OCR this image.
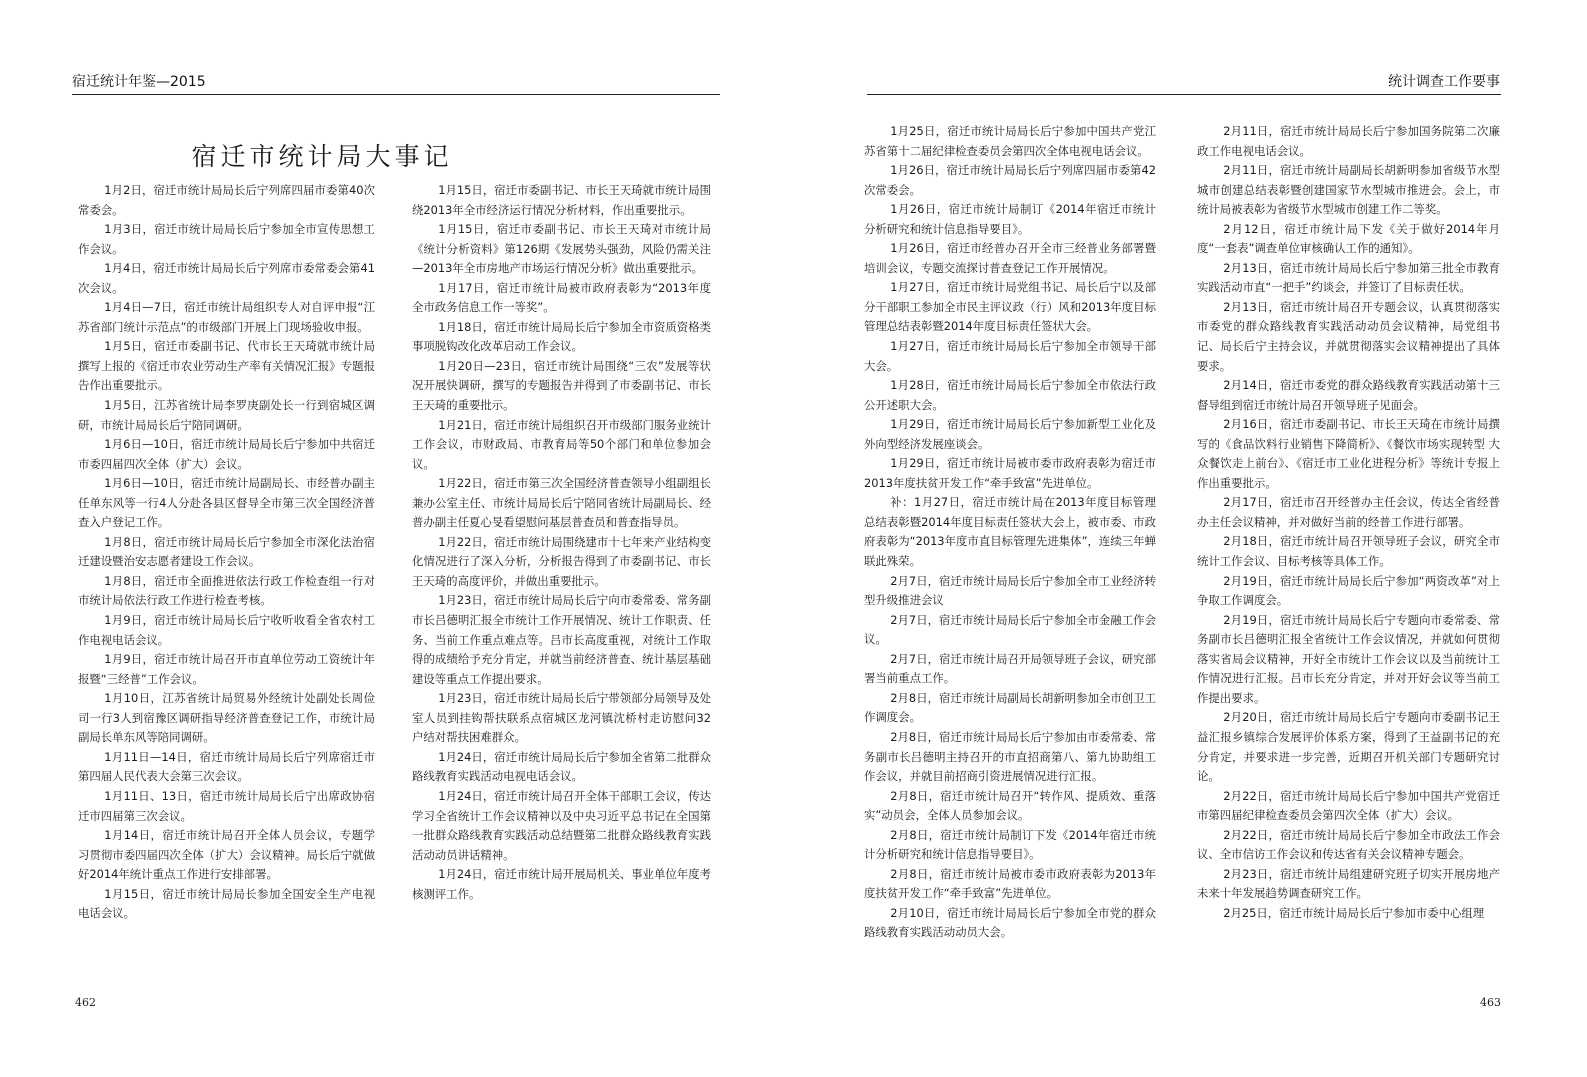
宿迁统计年鉴—2015
宿迁市统计局大事记

1月2日，宿迁市统计局局长后宁列席四届市委第40次常委会。

1月3日，宿迁市统计局局长后宁参加全市宣传思想工作会议。

1月4日，宿迁市统计局局长后宁列席市委常委会第41次会议。

1月4日—7日，宿迁市统计局组织专人对自评申报“江苏省部门统计示范点”的市级部门开展上门现场验收申报。

1月5日，宿迁市委副书记、代市长王天琦就市统计局撰写上报的《宿迁市农业劳动生产率有关情况汇报》专题报告作出重要批示。

1月5日，江苏省统计局李罗庚副处长一行到宿城区调研，市统计局局长后宁陪同调研。

1月6日—10日，宿迁市统计局局长后宁参加中共宿迁市委四届四次全体（扩大）会议。

1月6日—10日，宿迁市统计局副局长、市经普办副主任单东风等一行4人分赴各县区督导全市第三次全国经济普查入户登记工作。

1月8日，宿迁市统计局局长后宁参加全市深化法治宿迁建设暨治安志愿者建设工作会议。

1月8日，宿迁市全面推进依法行政工作检查组一行对市统计局依法行政工作进行检查考核。

1月9日，宿迁市统计局局长后宁收听收看全省农村工作电视电话会议。

1月9日，宿迁市统计局召开市直单位劳动工资统计年报暨“三经普”工作会议。

1月10日，江苏省统计局贸易外经统计处副处长周俭司一行3人到宿豫区调研指导经济普查登记工作，市统计局副局长单东风等陪同调研。

1月11日—14日，宿迁市统计局局长后宁列席宿迁市第四届人民代表大会第三次会议。

1月11日、13日，宿迁市统计局局长后宁出席政协宿迁市四届第三次会议。

1月14日，宿迁市统计局召开全体人员会议，专题学习贯彻市委四届四次全体（扩大）会议精神。局长后宁就做好2014年统计重点工作进行安排部署。

1月15日，宿迁市统计局局长参加全国安全生产电视电话会议。

1月15日，宿迁市委副书记、市长王天琦就市统计局围绕2013年全市经济运行情况分析材料，作出重要批示。

1月15日，宿迁市委副书记、市长王天琦对市统计局《统计分析资料》第126期《发展势头强劲，风险仍需关注—2013年全市房地产市场运行情况分析》做出重要批示。

1月17日，宿迁市统计局被市政府表彰为“2013年度全市政务信息工作一等奖”。

1月18日，宿迁市统计局局长后宁参加全市资质资格类事项脱钩改化改革启动工作会议。

1月20日—23日，宿迁市统计局围绕“三农”发展等状况开展快调研，撰写的专题报告并得到了市委副书记、市长王天琦的重要批示。

1月21日，宿迁市统计局组织召开市级部门服务业统计工作会议，市财政局、市教育局等50个部门和单位参加会议。

1月22日，宿迁市第三次全国经济普查领导小组副组长兼办公室主任、市统计局局长后宁陪同省统计局副局长、经普办副主任夏心旻看望慰问基层普查员和普查指导员。

1月22日，宿迁市统计局围绕建市十七年来产业结构变化情况进行了深入分析，分析报告得到了市委副书记、市长王天琦的高度评价，并做出重要批示。

1月23日，宿迁市统计局局长后宁向市委常委、常务副市长吕德明汇报全市统计工作开展情况、统计工作职责、任务、当前工作重点难点等。吕市长高度重视，对统计工作取得的成绩给予充分肯定，并就当前经济普查、统计基层基础建设等重点工作提出要求。

1月23日，宿迁市统计局局长后宁带领部分局领导及处室人员到挂钩帮扶联系点宿城区龙河镇沈桥村走访慰问32户结对帮扶困难群众。

1月24日，宿迁市统计局局长后宁参加全省第二批群众路线教育实践活动电视电话会议。

1月24日，宿迁市统计局召开全体干部职工会议，传达学习全省统计工作会议精神以及中央习近平总书记在全国第一批群众路线教育实践活动总结暨第二批群众路线教育实践活动动员讲话精神。

1月24日，宿迁市统计局开展局机关、事业单位年度考核测评工作。

462
统计调查工作要事

1月25日，宿迁市统计局局长后宁参加中国共产党江苏省第十二届纪律检查委员会第四次全体电视电话会议。

1月26日，宿迁市统计局局长后宁列席四届市委第42次常委会。

1月26日，宿迁市统计局制订《2014年宿迁市统计分析研究和统计信息指导要目》。

1月26日，宿迁市经普办召开全市三经普业务部署暨培训会议，专题交流探讨普查登记工作开展情况。

1月27日，宿迁市统计局党组书记、局长后宁以及部分干部职工参加全市民主评议政（行）风和2013年度目标管理总结表彰暨2014年度目标责任签状大会。

1月27日，宿迁市统计局局长后宁参加全市领导干部大会。

1月28日，宿迁市统计局局长后宁参加全市依法行政公开述职大会。

1月29日，宿迁市统计局局长后宁参加新型工业化及外向型经济发展座谈会。

1月29日，宿迁市统计局被市委市政府表彰为宿迁市2013年度扶贫开发工作“牵手致富”先进单位。

补：1月27日，宿迁市统计局在2013年度目标管理总结表彰暨2014年度目标责任签状大会上，被市委、市政府表彰为“2013年度市直目标管理先进集体”，连续三年蝉联此殊荣。

2月7日，宿迁市统计局局长后宁参加全市工业经济转型升级推进会议

2月7日，宿迁市统计局局长后宁参加全市金融工作会议。

2月7日，宿迁市统计局召开局领导班子会议，研究部署当前重点工作。

2月8日，宿迁市统计局副局长胡新明参加全市创卫工作调度会。

2月8日，宿迁市统计局局长后宁参加由市委常委、常务副市长吕德明主持召开的市直招商第八、第九协助组工作会议，并就目前招商引资进展情况进行汇报。

2月8日，宿迁市统计局召开“转作风、提质效、重落实”动员会，全体人员参加会议。

2月8日，宿迁市统计局制订下发《2014年宿迁市统计分析研究和统计信息指导要目》。

2月8日，宿迁市统计局被市委市政府表彰为2013年度扶贫开发工作“牵手致富”先进单位。

2月10日，宿迁市统计局局长后宁参加全市党的群众路线教育实践活动动员大会。

2月11日，宿迁市统计局局长后宁参加国务院第二次廉政工作电视电话会议。

2月11日，宿迁市统计局副局长胡新明参加省级节水型城市创建总结表彰暨创建国家节水型城市推进会。会上，市统计局被表彰为省级节水型城市创建工作二等奖。

2月12日，宿迁市统计局下发《关于做好2014年月度“一套表”调查单位审核确认工作的通知》。

2月13日，宿迁市统计局局长后宁参加第三批全市教育实践活动市直“一把手”约谈会，并签订了目标责任状。

2月13日，宿迁市统计局召开专题会议，认真贯彻落实市委党的群众路线教育实践活动动员会议精神，局党组书记、局长后宁主持会议，并就贯彻落实会议精神提出了具体要求。

2月14日，宿迁市委党的群众路线教育实践活动第十三督导组到宿迁市统计局召开领导班子见面会。

2月16日，宿迁市委副书记、市长王天琦在市统计局撰写的《食品饮料行业销售下降简析》、《餐饮市场实现转型 大众餐饮走上前台》、《宿迁市工业化进程分析》等统计专报上作出重要批示。

2月17日，宿迁市召开经普办主任会议，传达全省经普办主任会议精神，并对做好当前的经普工作进行部署。

2月18日，宿迁市统计局召开领导班子会议，研究全市统计工作会议、目标考核等具体工作。

2月19日，宿迁市统计局局长后宁参加“两资改革”对上争取工作调度会。

2月19日，宿迁市统计局局长后宁专题向市委常委、常务副市长吕德明汇报全省统计工作会议情况，并就如何贯彻落实省局会议精神，开好全市统计工作会议以及当前统计工作情况进行汇报。吕市长充分肯定，并对开好会议等当前工作提出要求。

2月20日，宿迁市统计局局长后宁专题向市委副书记王益汇报乡镇综合发展评价体系方案，得到了王益副书记的充分肯定，并要求进一步完善，近期召开机关部门专题研究讨论。

2月22日，宿迁市统计局局长后宁参加中国共产党宿迁市第四届纪律检查委员会第四次全体（扩大）会议。

2月22日，宿迁市统计局局长后宁参加全市政法工作会议、全市信访工作会议和传达省有关会议精神专题会。

2月23日，宿迁市统计局组建研究班子切实开展房地产未来十年发展趋势调查研究工作。

2月25日，宿迁市统计局局长后宁参加市委中心组理

463
